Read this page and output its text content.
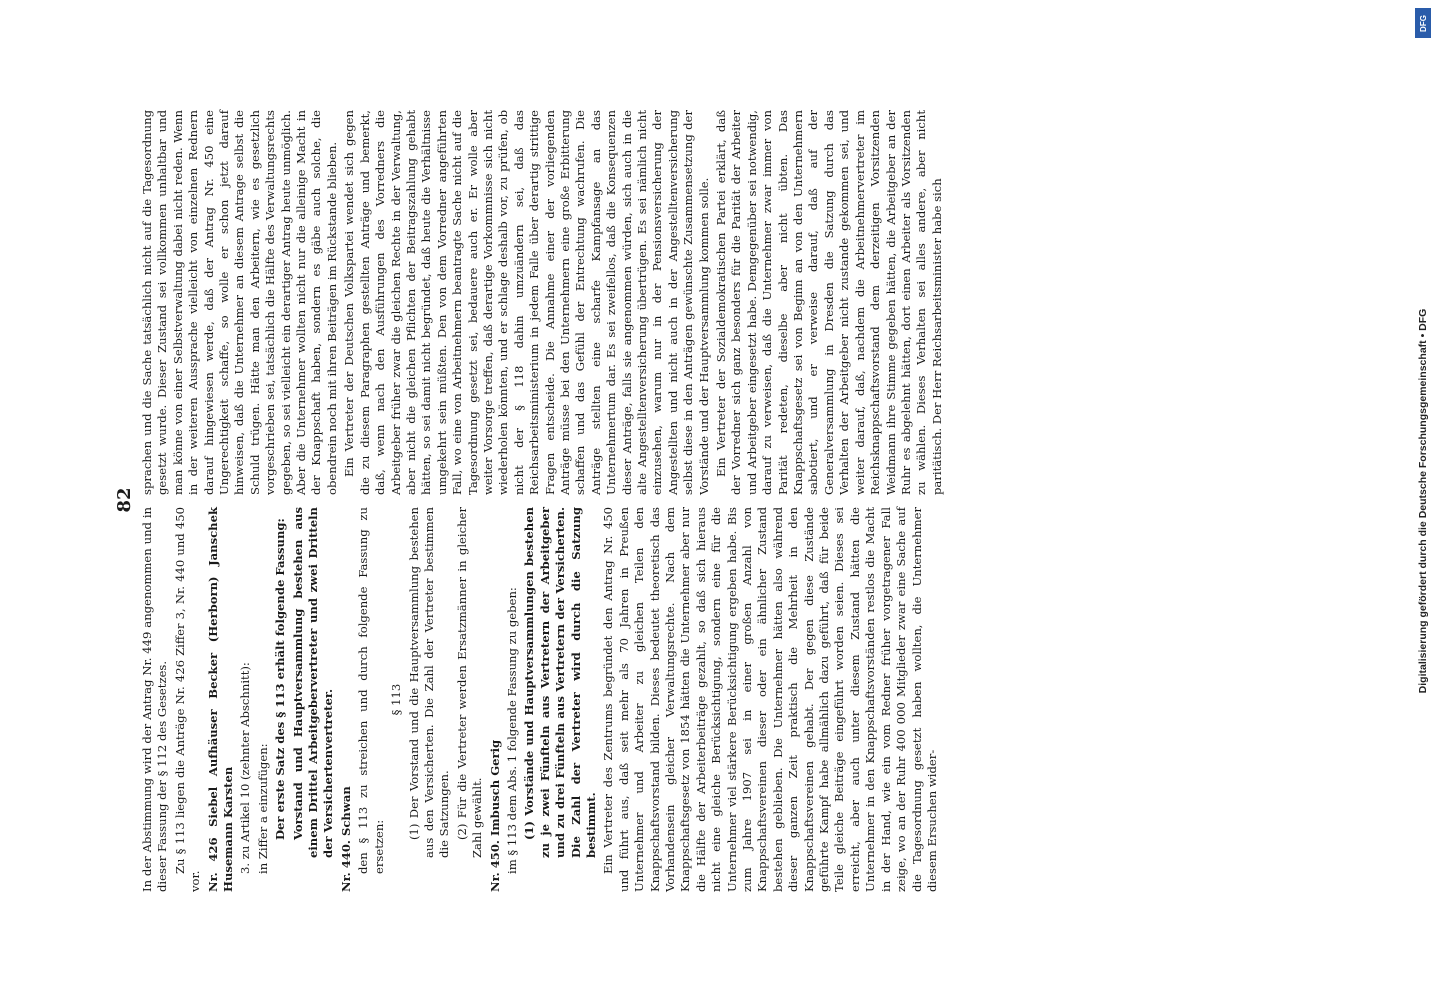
82

In der Abstimmung wird der Antrag Nr. 449 angenommen und in dieser Fassung der § 112 des Gesetzes. Zu § 113 liegen die Anträge Nr. 426 Ziffer 3, Nr. 440 und 450 vor. Nr. 426 Siebel Aufhäuser Becker (Herborn) Janschek Husemann Karsten 3. zu Artikel 10 (zehnter Abschnitt): in Ziffer a einzufügen: Der erste Satz des § 113 erhält folgende Fassung: Vorstand und Hauptversammlung bestehen aus einem Drittel Arbeitgebervertreter und zwei Dritteln der Versichertenvertreter. Nr. 440. Schwan den § 113 zu streichen und durch folgende Fassung zu ersetzen:

§ 113 (1) Der Vorstand und die Hauptversammlung bestehen aus den Versicherten. Die Zahl der Vertreter bestimmen die Satzungen. (2) Für die Vertreter werden Ersatzmänner in gleicher Zahl gewählt. Nr. 450. Imbusch Gerig im § 113 dem Abs. 1 folgende Fassung zu geben: (1) Vorstände und Hauptversammlungen bestehen zu je zwei Fünfteln aus Vertretern der Arbeitgeber und zu drei Fünfteln aus Vertretern der Versicherten. Die Zahl der Vertreter wird durch die Satzung bestimmt. Ein Vertreter des Zentrums begründet den Antrag Nr. 450 und führt aus, daß seit mehr als 70 Jahren in Preußen Unternehmer und Arbeiter zu gleichen Teilen den Knappschaftsvorstand bilden. Dieses bedeutet theoretisch das Vorhandensein gleicher Verwaltungsrechte. Nach dem Knappschaftsgesetz von 1854 hätten die Unternehmer aber nur die Hälfte der Arbeiterbeiträge gezahlt, so daß sich hieraus nicht eine gleiche Berücksichtigung, sondern eine für die Unternehmer viel stärkere Berücksichtigung ergeben habe. Bis zum Jahre 1907 sei in einer großen Anzahl von Knappschaftsvereinen dieser oder ein ähnlicher Zustand bestehen geblieben. Die Unternehmer hätten also während dieser ganzen Zeit praktisch die Mehrheit in den Knappschaftsvereinen gehabt. Der gegen diese Zustände geführte Kampf habe allmählich dazu geführt, daß für beide Teile gleiche Beiträge eingeführt worden seien. Dieses sei erreicht, aber auch unter diesem Zustand hätten die Unternehmer in den Knappschaftsvorständen restlos die Macht in der Hand, wie ein vom Redner früher vorgetragener Fall zeige, wo an der Ruhr 400 000 Mitglieder zwar eine Sache auf die Tagesordnung gesetzt haben wollten, die Unternehmer diesem Ersuchen wider-

sprachen und die Sache tatsächlich nicht auf die Tagesordnung gesetzt wurde. Dieser Zustand sei vollkommen unhaltbar und man könne von einer Selbstverwaltung dabei nicht reden. Wenn in der weiteren Aussprache vielleicht von einzelnen Rednern darauf hingewiesen werde, daß der Antrag Nr. 450 eine Ungerechtigkeit schaffe, so wolle er schon jetzt darauf hinweisen, daß die Unternehmer an diesem Antrage selbst die Schuld trügen. Hätte man den Arbeitern, wie es gesetzlich vorgeschrieben sei, tatsächlich die Hälfte des Verwaltungsrechts gegeben, so sei vielleicht ein derartiger Antrag heute unmöglich. Aber die Unternehmer wollten nicht nur die alleinige Macht in der Knappschaft haben, sondern es gäbe auch solche, die obendrein noch mit ihren Beiträgen im Rückstande blieben. Ein Vertreter der Deutschen Volkspartei wendet sich gegen die zu diesem Paragraphen gestellten Anträge und bemerkt, daß, wenn nach den Ausführungen des Vorredners die Arbeitgeber früher zwar die gleichen Rechte in der Verwaltung, aber nicht die gleichen Pflichten der Beitragszahlung gehabt hätten, so sei damit nicht begründet, daß heute die Verhältnisse umgekehrt sein müßten. Den von dem Vorredner angeführten Fall, wo eine von Arbeitnehmern beantragte Sache nicht auf die Tagesordnung gesetzt sei, bedauere auch er. Er wolle aber weiter Vorsorge treffen, daß derartige Vorkommnisse sich nicht wiederholen könnten, und er schlage deshalb vor, zu prüfen, ob nicht der § 118 dahin umzuändern sei, daß das Reichsarbeitsministerium in jedem Falle über derartig strittige Fragen entscheide. Die Annahme einer der vorliegenden Anträge müsse bei den Unternehmern eine große Erbitterung schaffen und das Gefühl der Entrechtung wachrufen. Die Anträge stellten eine scharfe Kampfansage an das Unternehmertum dar. Es sei zweifellos, daß die Konsequenzen dieser Anträge, falls sie angenommen würden, sich auch in die alte Angestelltenversicherung übertrügen. Es sei nämlich nicht einzusehen, warum nur in der Pensionsversicherung der Angestellten und nicht auch in der Angestelltenversicherung selbst diese in den Anträgen gewünschte Zusammensetzung der Vorstände und der Hauptversammlung kommen solle. Ein Vertreter der Sozialdemokratischen Partei erklärt, daß der Vorredner sich ganz besonders für die Parität der Arbeiter und Arbeitgeber eingesetzt habe. Demgegenüber sei notwendig, darauf zu verweisen, daß die Unternehmer zwar immer von Parität redeten, dieselbe aber nicht übten. Das Knappschaftsgesetz sei von Beginn an von den Unternehmern sabotiert, und er verweise darauf, daß auf der Generalversammlung in Dresden die Satzung durch das Verhalten der Arbeitgeber nicht zustande gekommen sei, und weiter darauf, daß, nachdem die Arbeitnehmervertreter im Reichsknappschaftsvorstand dem derzeitigen Vorsitzenden Weidmann ihre Stimme gegeben hätten, die Arbeitgeber an der Ruhr es abgelehnt hätten, dort einen Arbeiter als Vorsitzenden zu wählen. Dieses Verhalten sei alles andere, aber nicht paritätisch. Der Herr Reichsarbeitsminister habe sich

DFG
Digitalisierung gefördert durch die Deutsche Forschungsgemeinschaft • DFG
